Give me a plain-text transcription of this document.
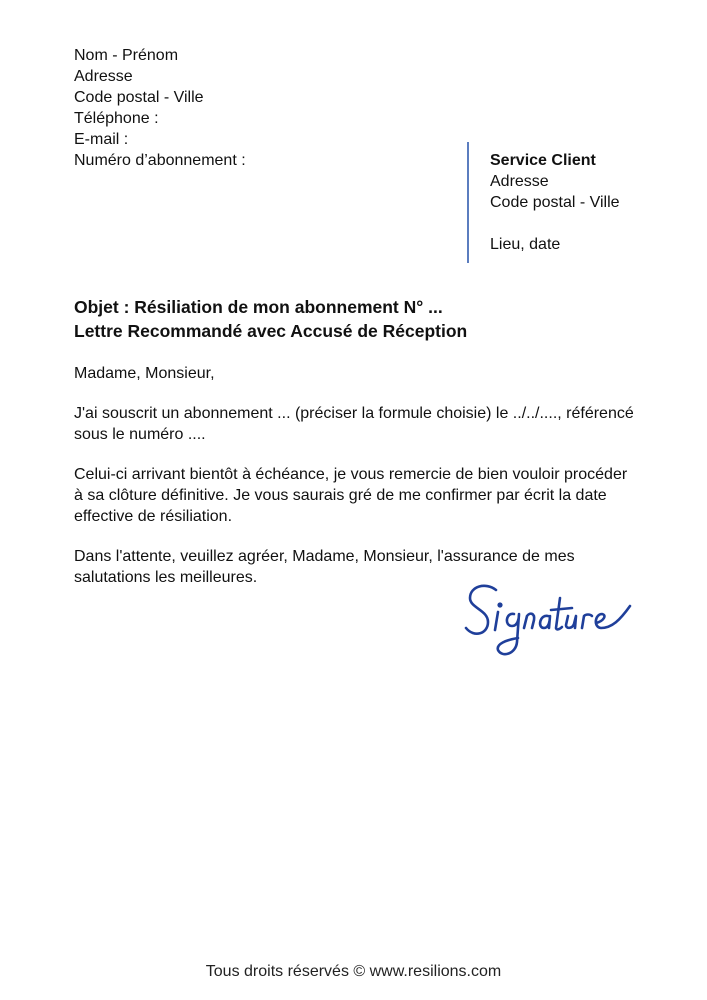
Nom - Prénom
Adresse
Code postal - Ville
Téléphone :
E-mail :
Numéro d’abonnement :	Service Client
Adresse
Code postal - Ville
Lieu, date
Objet : Résiliation de mon abonnement N° ...
Lettre Recommandé avec Accusé de Réception

Madame, Monsieur,

J'ai souscrit un abonnement ... (préciser la formule choisie) le ../../...., référencé sous le numéro ....

Celui-ci arrivant bientôt à échéance, je vous remercie de bien vouloir procéder à sa clôture définitive. Je vous saurais gré de me confirmer par écrit la date effective de résiliation.

Dans l'attente, veuillez agréer, Madame, Monsieur, l'assurance de mes salutations les meilleures.

Tous droits réservés © www.resilions.com
